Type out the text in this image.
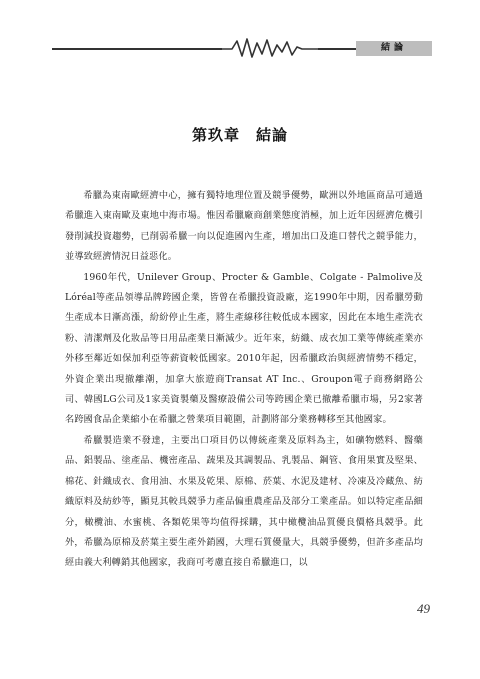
結論
第玖章 結論

希臘為東南歐經濟中心，擁有獨特地理位置及競爭優勢，歐洲以外地區商品可通過希臘進入東南歐及東地中海市場。惟因希臘廠商創業態度消極，加上近年因經濟危機引發削減投資趨勢，已削弱希臘一向以促進國內生產，增加出口及進口替代之競爭能力，並導致經濟情況日益惡化。

1960年代，Unilever Group、Procter & Gamble、Colgate - Palmolive及Lóréal等產品領導品牌跨國企業，皆曾在希臘投資設廠，迄1990年中期，因希臘勞動生產成本日漸高漲，紛紛停止生產，將生產線移往較低成本國家，因此在本地生產洗衣粉、清潔劑及化妝品等日用品產業日漸減少。近年來，紡織、成衣加工業等傳統產業亦外移至鄰近如保加利亞等薪資較低國家。2010年起，因希臘政治與經濟情勢不穩定，外資企業出現撤離潮，加拿大旅遊商Transat AT Inc.、Groupon電子商務網路公司、韓國LG公司及1家美資製藥及醫療設備公司等跨國企業已撤離希臘市場，另2家著名跨國食品企業縮小在希臘之營業項目範圍，計劃將部分業務轉移至其他國家。

希臘製造業不發達，主要出口項目仍以傳統產業及原料為主，如礦物燃料、醫藥品、鋁製品、塗產品、機密產品、蔬果及其調製品、乳製品、鋼管、食用果實及堅果、棉花、針織成衣、食用油、水果及乾果、原棉、菸葉、水泥及建材、冷凍及冷藏魚、紡織原料及紡紗等，顯見其較具競爭力產品偏重農產品及部分工業產品。如以特定產品細分，橄欖油、水蜜桃、各類乾果等均值得採購，其中橄欖油品質優良價格具競爭。此外，希臘為原棉及菸葉主要生產外銷國，大理石質優量大，具競爭優勢，但許多產品均經由義大利轉銷其他國家，我商可考慮直接自希臘進口，以

49
